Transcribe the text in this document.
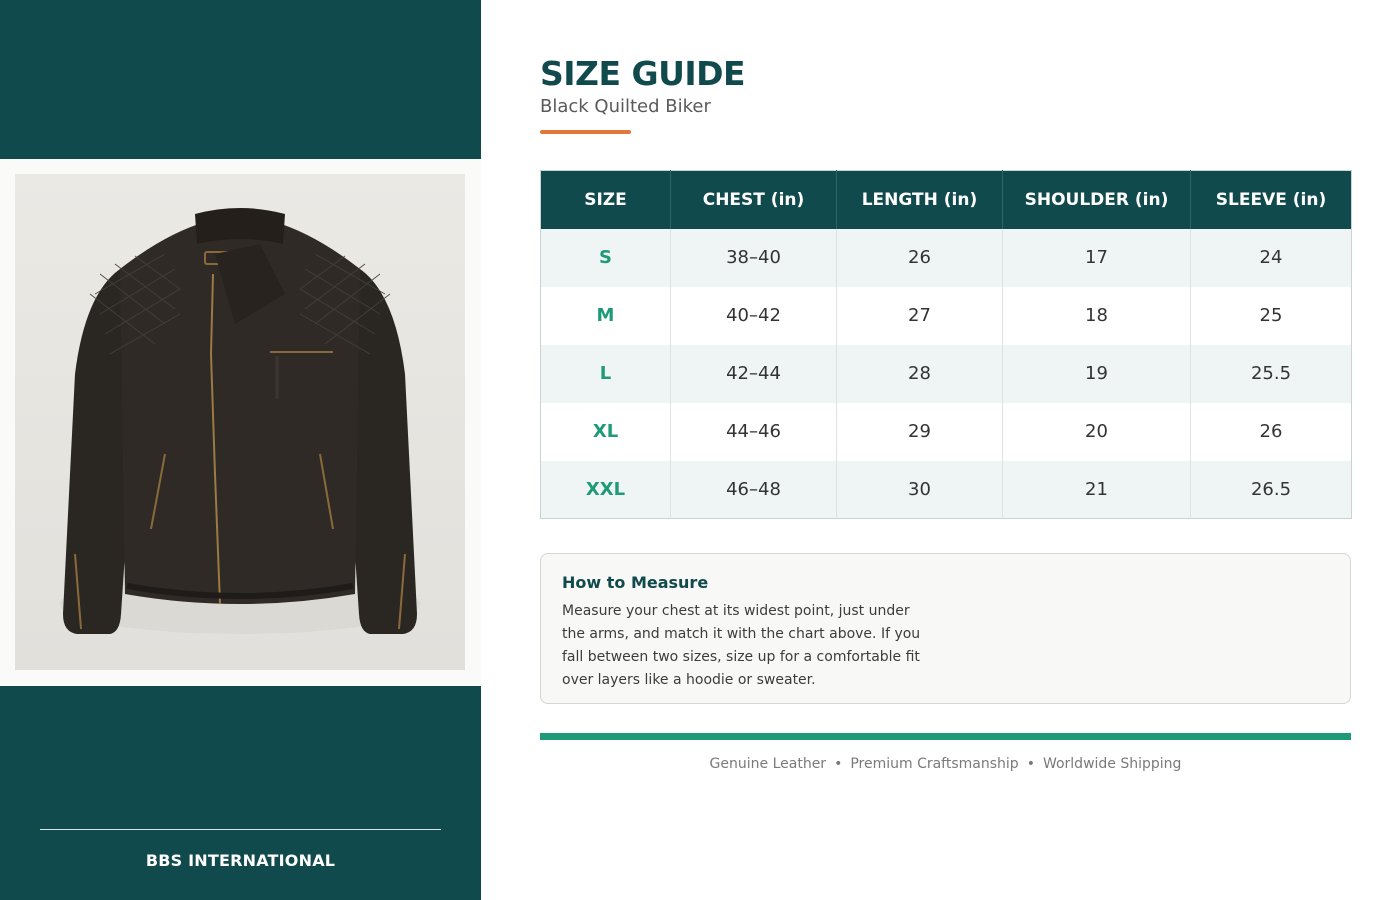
BBS INTERNATIONAL
SIZE GUIDE
Black Quilted Biker
SIZE	CHEST (in)	LENGTH (in)	SHOULDER (in)	SLEEVE (in)
S	38–40	26	17	24
M	40–42	27	18	25
L	42–44	28	19	25.5
XL	44–46	29	20	26
XXL	46–48	30	21	26.5
How to Measure

Measure your chest at its widest point, just under the arms, and match it with the chart above. If you fall between two sizes, size up for a comfortable fit over layers like a hoodie or sweater.

Genuine Leather • Premium Craftsmanship • Worldwide Shipping
